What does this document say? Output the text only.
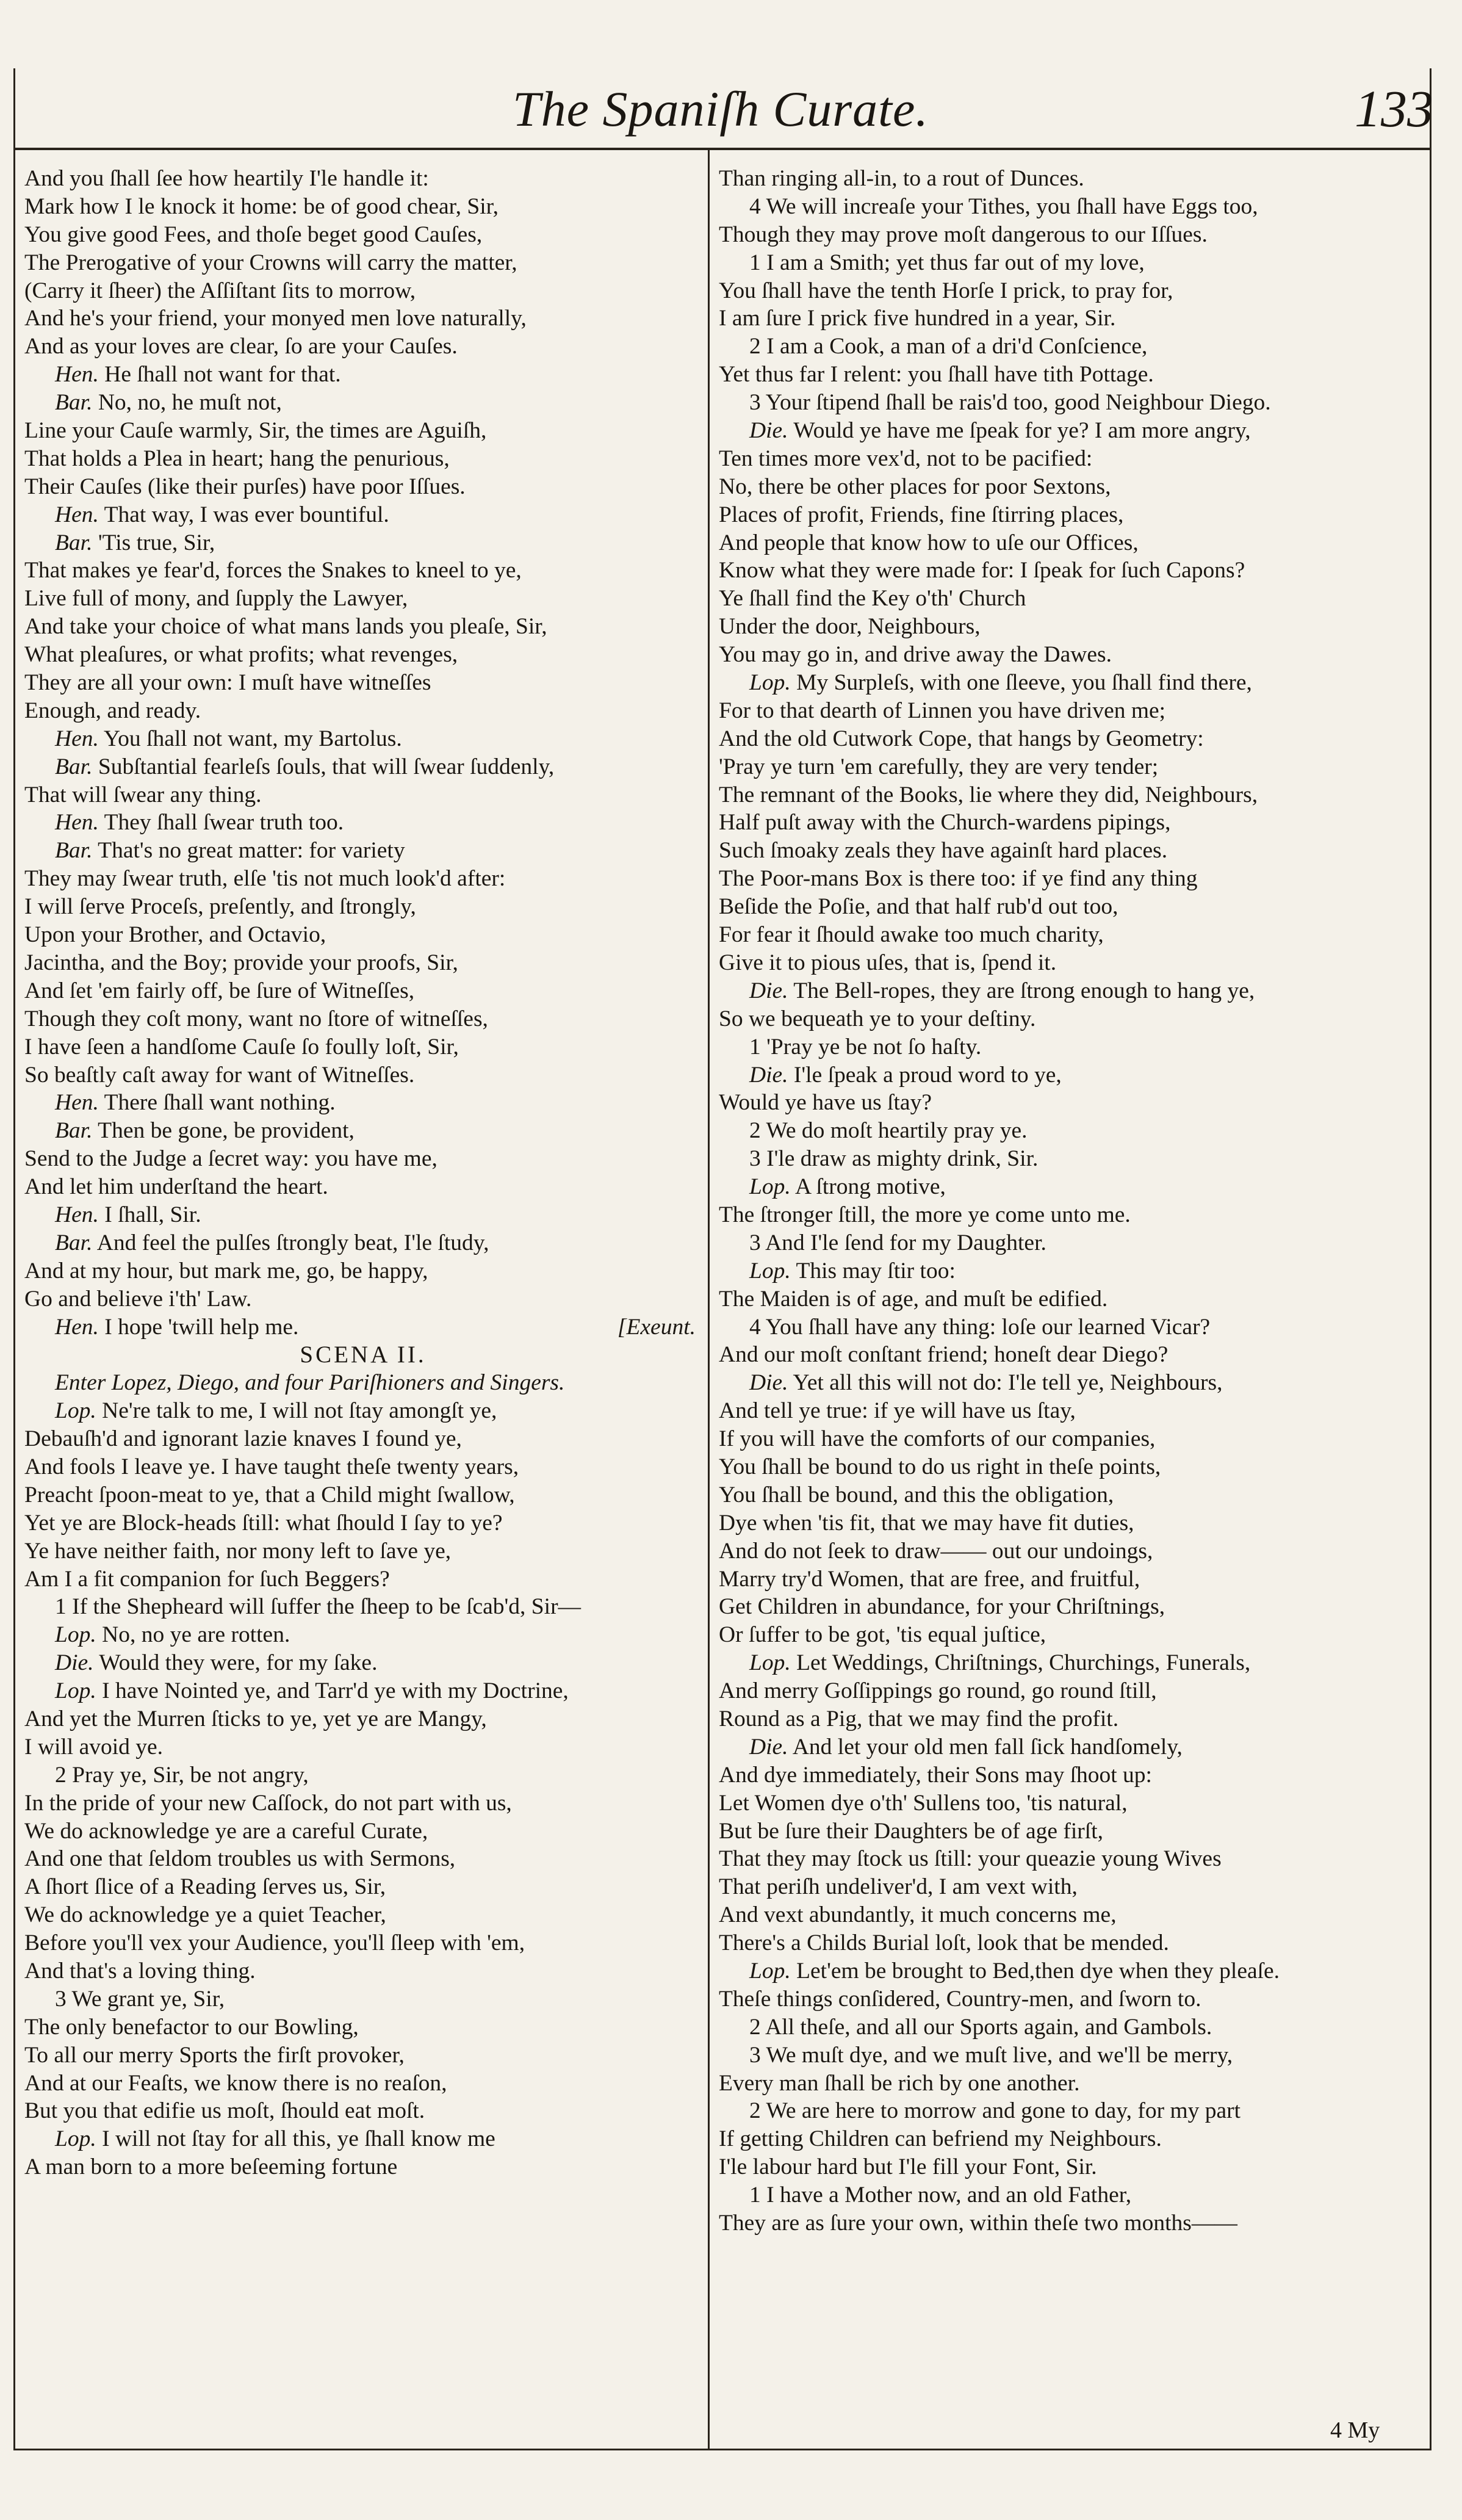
The Spaniſh Curate.	133
And you ſhall ſee how heartily I'le handle it:
Mark how I le knock it home: be of good chear, Sir,
You give good Fees, and thoſe beget good Cauſes,
The Prerogative of your Crowns will carry the matter,
(Carry it ſheer) the Aſſiſtant ſits to morrow,
And he's your friend, your monyed men love naturally,
And as your loves are clear, ſo are your Cauſes.
Hen. He ſhall not want for that.
Bar. No, no, he muſt not,
Line your Cauſe warmly, Sir, the times are Aguiſh,
That holds a Plea in heart; hang the penurious,
Their Cauſes (like their purſes) have poor Iſſues.
Hen. That way, I was ever bountiful.
Bar. 'Tis true, Sir,
That makes ye fear'd, forces the Snakes to kneel to ye,
Live full of mony, and ſupply the Lawyer,
And take your choice of what mans lands you pleaſe, Sir,
What pleaſures, or what profits; what revenges,
They are all your own: I muſt have witneſſes
Enough, and ready.
Hen. You ſhall not want, my Bartolus.
Bar. Subſtantial fearleſs ſouls, that will ſwear ſuddenly,
That will ſwear any thing.
Hen. They ſhall ſwear truth too.
Bar. That's no great matter: for variety
They may ſwear truth, elſe 'tis not much look'd after:
I will ſerve Proceſs, preſently, and ſtrongly,
Upon your Brother, and Octavio,
Jacintha, and the Boy; provide your proofs, Sir,
And ſet 'em fairly off, be ſure of Witneſſes,
Though they coſt mony, want no ſtore of witneſſes,
I have ſeen a handſome Cauſe ſo foully loſt, Sir,
So beaſtly caſt away for want of Witneſſes.
Hen. There ſhall want nothing.
Bar. Then be gone, be provident,
Send to the Judge a ſecret way: you have me,
And let him underſtand the heart.
Hen. I ſhall, Sir.
Bar. And feel the pulſes ſtrongly beat, I'le ſtudy,
And at my hour, but mark me, go, be happy,
Go and believe i'th' Law.
Hen. I hope 'twill help me.	[Exeunt.
SCENA II.
Enter Lopez, Diego, and four Pariſhioners and Singers.
Lop. Ne're talk to me, I will not ſtay amongſt ye,
Debauſh'd and ignorant lazie knaves I found ye,
And fools I leave ye. I have taught theſe twenty years,
Preacht ſpoon-meat to ye, that a Child might ſwallow,
Yet ye are Block-heads ſtill: what ſhould I ſay to ye?
Ye have neither faith, nor mony left to ſave ye,
Am I a fit companion for ſuch Beggers?
1 If the Shepheard will ſuffer the ſheep to be ſcab'd, Sir—
Lop. No, no ye are rotten.
Die. Would they were, for my ſake.
Lop. I have Nointed ye, and Tarr'd ye with my Doctrine,
And yet the Murren ſticks to ye, yet ye are Mangy,
I will avoid ye.
2 Pray ye, Sir, be not angry,
In the pride of your new Caſſock, do not part with us,
We do acknowledge ye are a careful Curate,
And one that ſeldom troubles us with Sermons,
A ſhort ſlice of a Reading ſerves us, Sir,
We do acknowledge ye a quiet Teacher,
Before you'll vex your Audience, you'll ſleep with 'em,
And that's a loving thing.
3 We grant ye, Sir,
The only benefactor to our Bowling,
To all our merry Sports the firſt provoker,
And at our Feaſts, we know there is no reaſon,
But you that edifie us moſt, ſhould eat moſt.
Lop. I will not ſtay for all this, ye ſhall know me
A man born to a more beſeeming fortune
Than ringing all-in, to a rout of Dunces.
4 We will increaſe your Tithes, you ſhall have Eggs too,
Though they may prove moſt dangerous to our Iſſues.
1 I am a Smith; yet thus far out of my love,
You ſhall have the tenth Horſe I prick, to pray for,
I am ſure I prick five hundred in a year, Sir.
2 I am a Cook, a man of a dri'd Conſcience,
Yet thus far I relent: you ſhall have tith Pottage.
3 Your ſtipend ſhall be rais'd too, good Neighbour Diego.
Die. Would ye have me ſpeak for ye? I am more angry,
Ten times more vex'd, not to be pacified:
No, there be other places for poor Sextons,
Places of profit, Friends, fine ſtirring places,
And people that know how to uſe our Offices,
Know what they were made for: I ſpeak for ſuch Capons?
Ye ſhall find the Key o'th' Church
Under the door, Neighbours,
You may go in, and drive away the Dawes.
Lop. My Surpleſs, with one ſleeve, you ſhall find there,
For to that dearth of Linnen you have driven me;
And the old Cutwork Cope, that hangs by Geometry:
'Pray ye turn 'em carefully, they are very tender;
The remnant of the Books, lie where they did, Neighbours,
Half puſt away with the Church-wardens pipings,
Such ſmoaky zeals they have againſt hard places.
The Poor-mans Box is there too: if ye find any thing
Beſide the Poſie, and that half rub'd out too,
For fear it ſhould awake too much charity,
Give it to pious uſes, that is, ſpend it.
Die. The Bell-ropes, they are ſtrong enough to hang ye,
So we bequeath ye to your deſtiny.
1 'Pray ye be not ſo haſty.
Die. I'le ſpeak a proud word to ye,
Would ye have us ſtay?
2 We do moſt heartily pray ye.
3 I'le draw as mighty drink, Sir.
Lop. A ſtrong motive,
The ſtronger ſtill, the more ye come unto me.
3 And I'le ſend for my Daughter.
Lop. This may ſtir too:
The Maiden is of age, and muſt be edified.
4 You ſhall have any thing: loſe our learned Vicar?
And our moſt conſtant friend; honeſt dear Diego?
Die. Yet all this will not do: I'le tell ye, Neighbours,
And tell ye true: if ye will have us ſtay,
If you will have the comforts of our companies,
You ſhall be bound to do us right in theſe points,
You ſhall be bound, and this the obligation,
Dye when 'tis fit, that we may have fit duties,
And do not ſeek to draw—— out our undoings,
Marry try'd Women, that are free, and fruitful,
Get Children in abundance, for your Chriſtnings,
Or ſuffer to be got, 'tis equal juſtice,
Lop. Let Weddings, Chriſtnings, Churchings, Funerals,
And merry Goſſippings go round, go round ſtill,
Round as a Pig, that we may find the profit.
Die. And let your old men fall ſick handſomely,
And dye immediately, their Sons may ſhoot up:
Let Women dye o'th' Sullens too, 'tis natural,
But be ſure their Daughters be of age firſt,
That they may ſtock us ſtill: your queazie young Wives
That periſh undeliver'd, I am vext with,
And vext abundantly, it much concerns me,
There's a Childs Burial loſt, look that be mended.
Lop. Let'em be brought to Bed,then dye when they pleaſe.
Theſe things conſidered, Country-men, and ſworn to.
2 All theſe, and all our Sports again, and Gambols.
3 We muſt dye, and we muſt live, and we'll be merry,
Every man ſhall be rich by one another.
2 We are here to morrow and gone to day, for my part
If getting Children can befriend my Neighbours.
I'le labour hard but I'le fill your Font, Sir.
1 I have a Mother now, and an old Father,
They are as ſure your own, within theſe two months——
4 My
